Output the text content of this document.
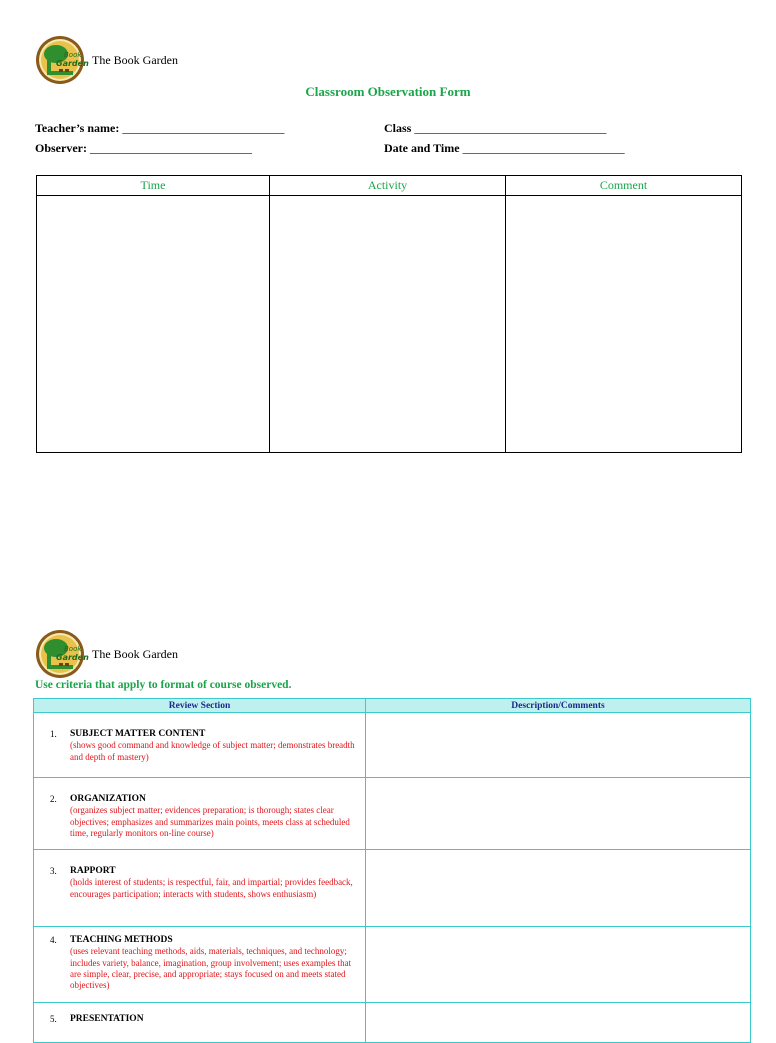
Book
Garden The Book Garden
Classroom Observation Form
Teacher’s name: ___________________________	Class ________________________________
Observer: ___________________________	Date and Time ___________________________
Time	Activity	Comment

Book
Garden The Book Garden
Use criteria that apply to format of course observed.
Review Section	Description/Comments

1. SUBJECT MATTER CONTENT
(shows good command and knowledge of subject matter; demonstrates breadth and depth of mastery)	

2. ORGANIZATION
(organizes subject matter; evidences preparation; is thorough; states clear objectives; emphasizes and summarizes main points, meets class at scheduled time, regularly monitors on-line course)	

3. RAPPORT
(holds interest of students; is respectful, fair, and impartial; provides feedback, encourages participation; interacts with students, shows enthusiasm)	

4. TEACHING METHODS
(uses relevant teaching methods, aids, materials, techniques, and technology; includes variety, balance, imagination, group involvement; uses examples that are simple, clear, precise, and appropriate; stays focused on and meets stated objectives)	

5. PRESENTATION	
